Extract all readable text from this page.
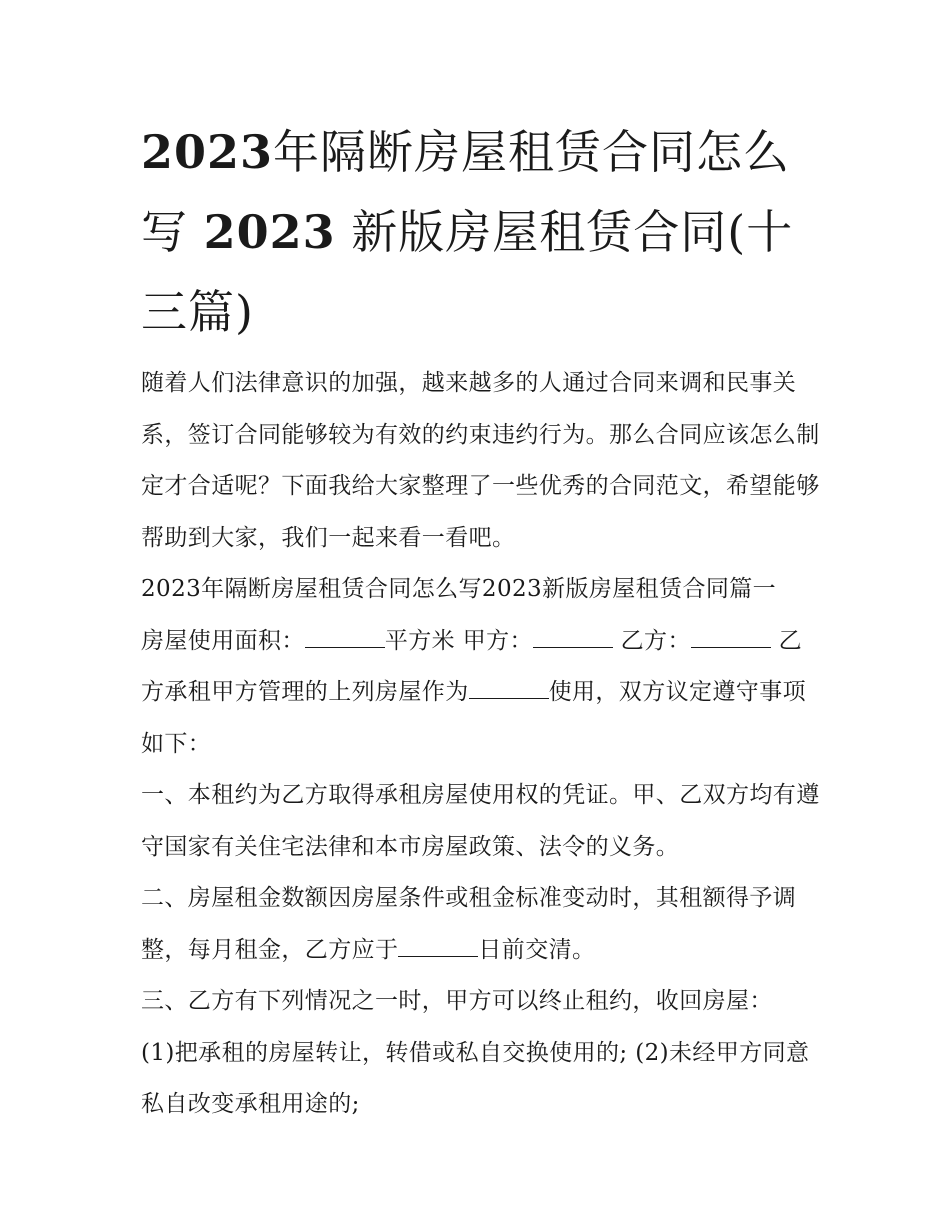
2023年隔断房屋租赁合同怎么写 2023 新版房屋租赁合同(十三篇)

随着人们法律意识的加强，越来越多的人通过合同来调和民事关系，签订合同能够较为有效的约束违约行为。那么合同应该怎么制定才合适呢？下面我给大家整理了一些优秀的合同范文，希望能够帮助到大家，我们一起来看一看吧。

2023年隔断房屋租赁合同怎么写2023新版房屋租赁合同篇一

房屋使用面积：	平方米 甲方：	乙方：	乙方承租甲方管理的上列房屋作为	使用，双方议定遵守事项如下：

一、本租约为乙方取得承租房屋使用权的凭证。甲、乙双方均有遵守国家有关住宅法律和本市房屋政策、法令的义务。

二、房屋租金数额因房屋条件或租金标准变动时，其租额得予调整，每月租金，乙方应于	日前交清。

三、乙方有下列情况之一时，甲方可以终止租约，收回房屋：

(1)把承租的房屋转让，转借或私自交换使用的; (2)未经甲方同意私自改变承租用途的;
